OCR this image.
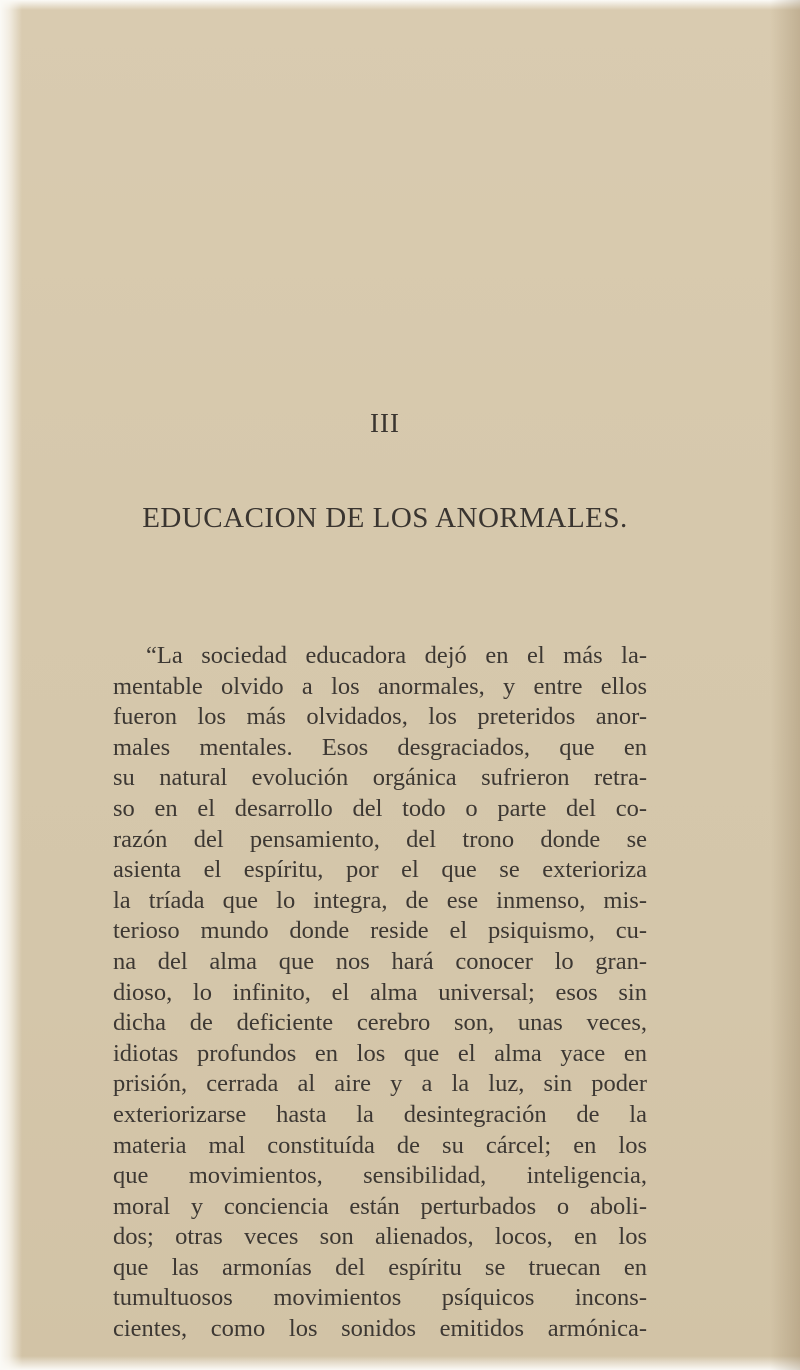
III
EDUCACION DE LOS ANORMALES.
“La sociedad educadora dejó en el más la-
mentable olvido a los anormales, y entre ellos
fueron los más olvidados, los preteridos anor-
males mentales. Esos desgraciados, que en
su natural evolución orgánica sufrieron retra-
so en el desarrollo del todo o parte del co-
razón del pensamiento, del trono donde se
asienta el espíritu, por el que se exterioriza
la tríada que lo integra, de ese inmenso, mis-
terioso mundo donde reside el psiquismo, cu-
na del alma que nos hará conocer lo gran-
dioso, lo infinito, el alma universal; esos sin
dicha de deficiente cerebro son, unas veces,
idiotas profundos en los que el alma yace en
prisión, cerrada al aire y a la luz, sin poder
exteriorizarse hasta la desintegración de la
materia mal constituída de su cárcel; en los
que movimientos, sensibilidad, inteligencia,
moral y conciencia están perturbados o aboli-
dos; otras veces son alienados, locos, en los
que las armonías del espíritu se truecan en
tumultuosos movimientos psíquicos incons-
cientes, como los sonidos emitidos armónica-
